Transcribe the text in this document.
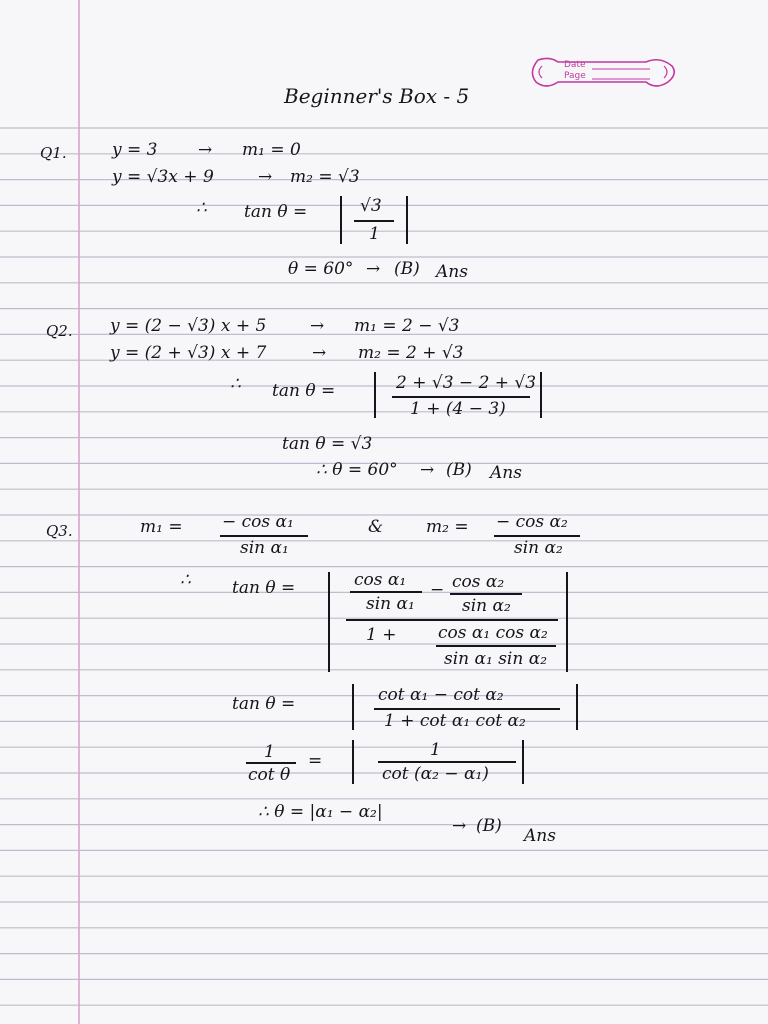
Date
Page
Beginner's Box - 5
Q1.	y = 3 → m₁ = 0
y = √3x + 9	→ m₂ = √3
∴ tan θ =	√3
1
θ = 60° → (B) Ans
Q2. y = (2 − √3) x + 5	→ m₁ = 2 − √3
y = (2 + √3) x + 7	→ m₂ = 2 + √3
∴ tan θ =	2 + √3 − 2 + √3
1 + (4 − 3)
tan θ = √3
∴ θ = 60° → (B) Ans
Q3.	m₁ = − cos α₁
sin α₁
&	m₂ = − cos α₂
sin α₂
∴ tan θ =	cos α₁
sin α₁
− cos α₂
sin α₂
1 + cos α₁ cos α₂
sin α₁ sin α₂
tan θ =	cot α₁ − cot α₂
1 + cot α₁ cot α₂
1
cot θ
=
1
cot (α₂ − α₁)
∴ θ = |α₁ − α₂|
→ (B) Ans
